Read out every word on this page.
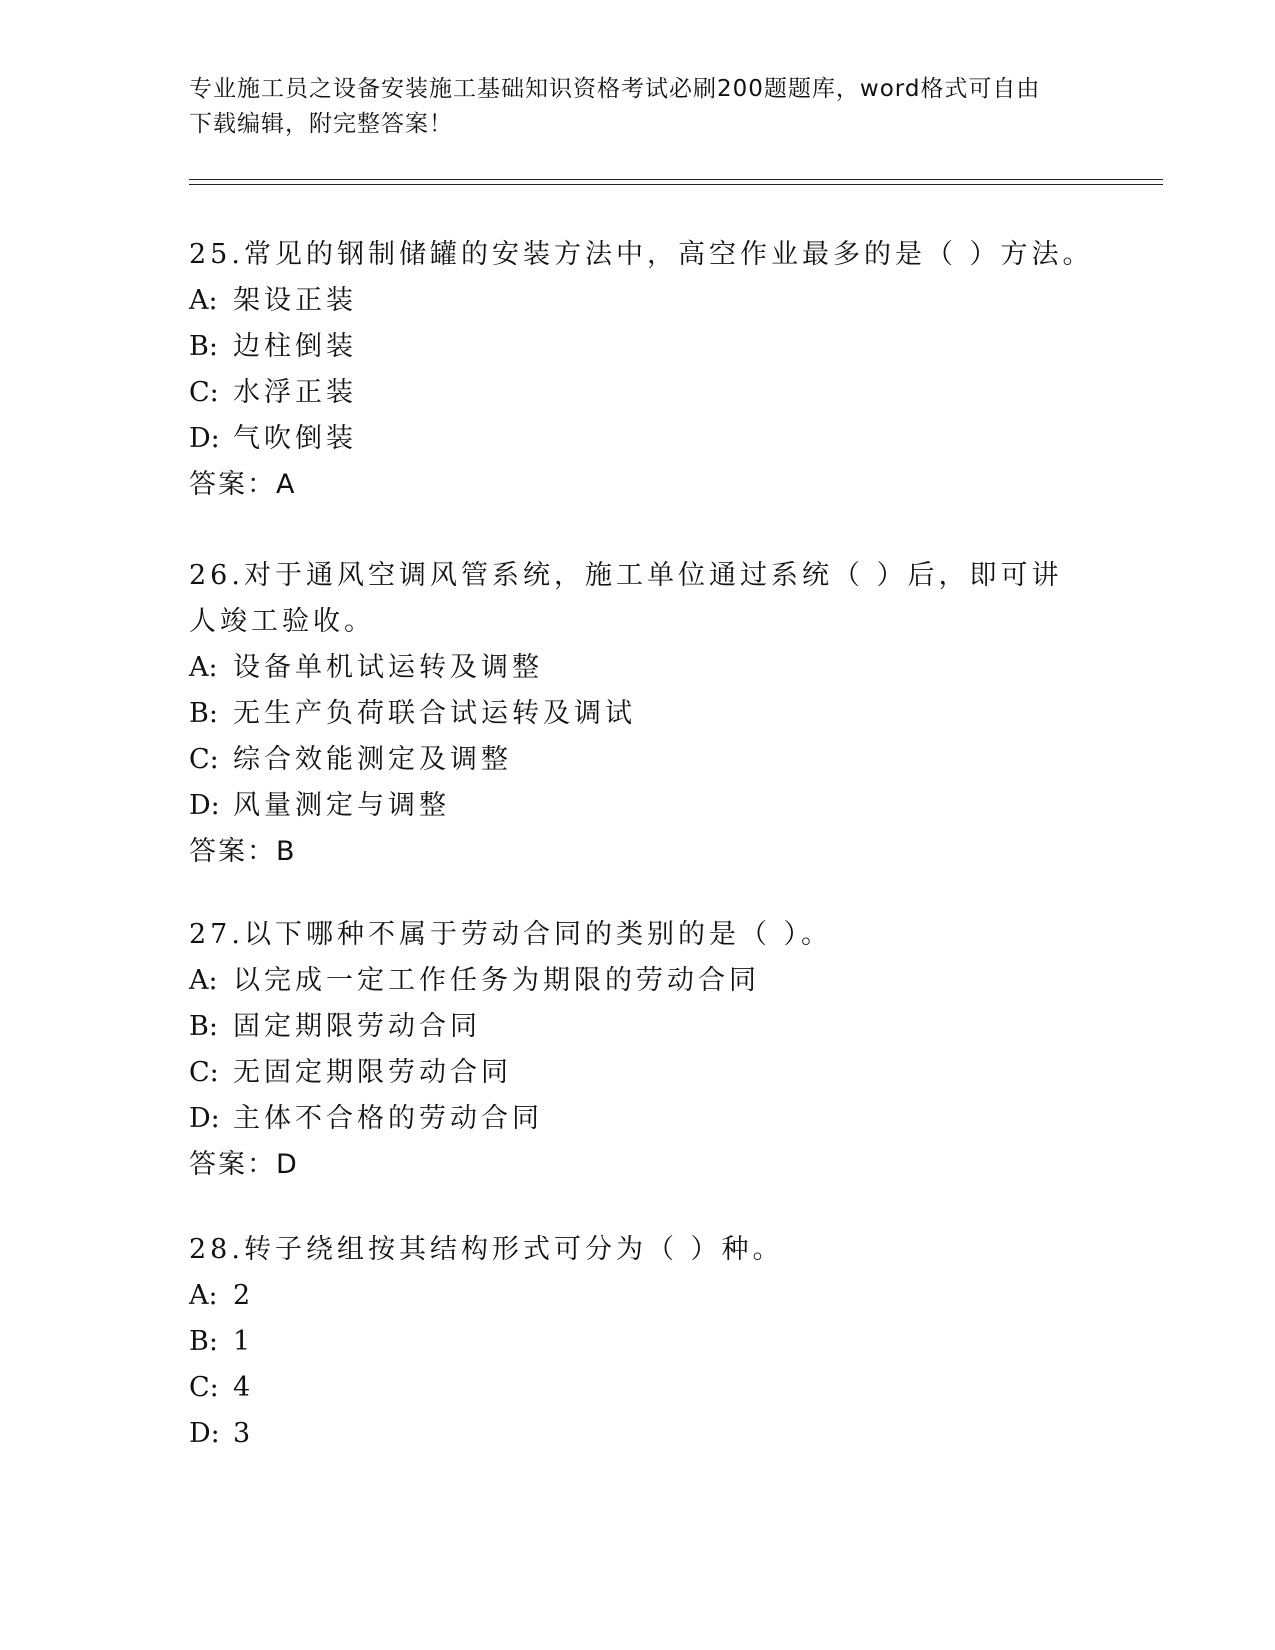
专业施工员之设备安装施工基础知识资格考试必刷200题题库，word格式可自由
下载编辑，附完整答案！
25.常见的钢制储罐的安装方法中，高空作业最多的是（ ）方法。
A: 架设正装
B: 边柱倒装
C: 水浮正装
D: 气吹倒装
答案：A
26.对于通风空调风管系统，施工单位通过系统（ ）后，即可讲人竣工验收。
A: 设备单机试运转及调整
B: 无生产负荷联合试运转及调试
C: 综合效能测定及调整
D: 风量测定与调整
答案：B
27.以下哪种不属于劳动合同的类别的是（ ）。
A: 以完成一定工作任务为期限的劳动合同
B: 固定期限劳动合同
C: 无固定期限劳动合同
D: 主体不合格的劳动合同
答案：D
28.转子绕组按其结构形式可分为（ ）种。
A: 2
B: 1
C: 4
D: 3
